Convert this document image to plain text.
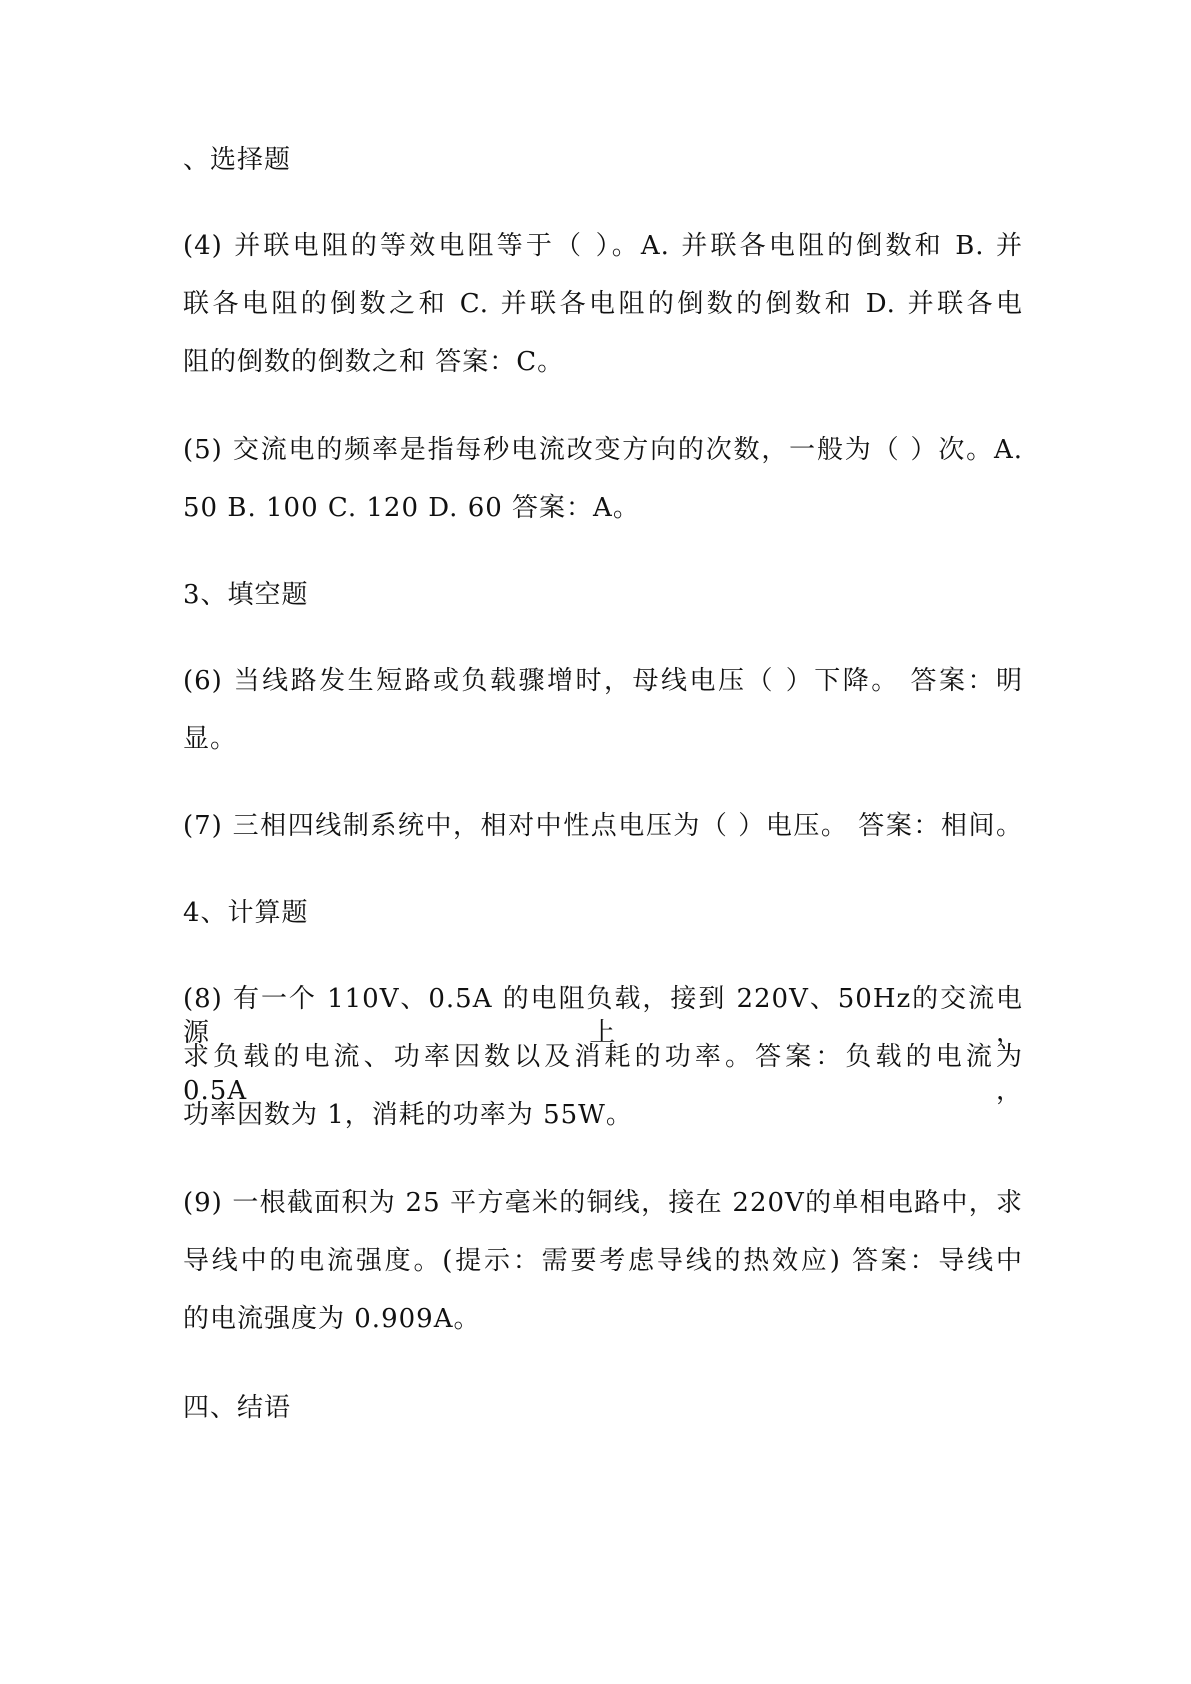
、选择题
(4) 并联电阻的等效电阻等于（ ）。A. 并联各电阻的倒数和 B. 并
联各电阻的倒数之和 C. 并联各电阻的倒数的倒数和 D. 并联各电
阻的倒数的倒数之和 答案：C。
(5) 交流电的频率是指每秒电流改变方向的次数，一般为（ ）次。A.
50 B. 100 C. 120 D. 60 答案：A。
3、填空题
(6) 当线路发生短路或负载骤增时，母线电压（ ）下降。 答案：明
显。
(7) 三相四线制系统中，相对中性点电压为（ ）电压。 答案：相间。
4、计算题
(8) 有一个 110V、0.5A 的电阻负载，接到 220V、50Hz的交流电源上，
求负载的电流、功率因数以及消耗的功率。答案：负载的电流为 0.5A，
功率因数为 1，消耗的功率为 55W。
(9) 一根截面积为 25 平方毫米的铜线，接在 220V的单相电路中，求
导线中的电流强度。(提示：需要考虑导线的热效应) 答案：导线中
的电流强度为 0.909A。
四、结语
